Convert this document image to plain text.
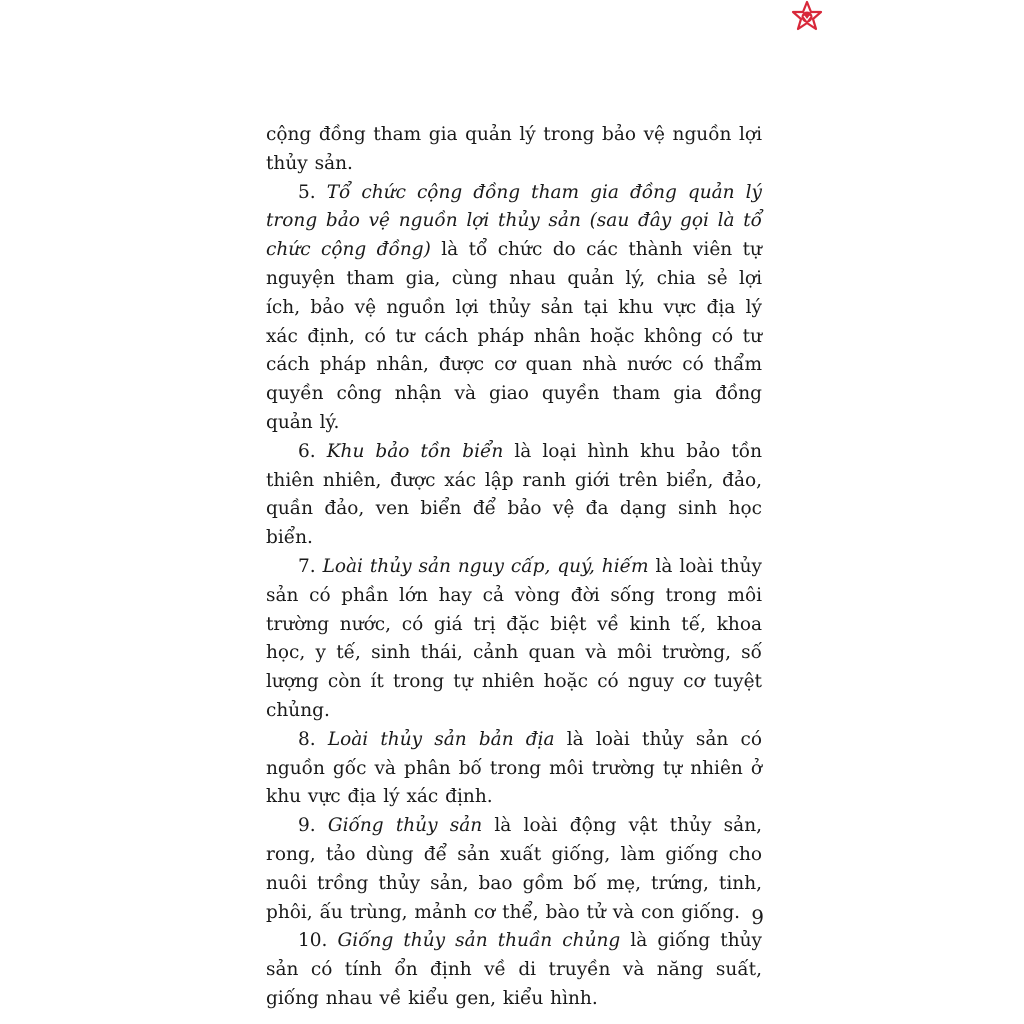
cộng đồng tham gia quản lý trong bảo vệ nguồn lợi thủy sản.

5. Tổ chức cộng đồng tham gia đồng quản lý trong bảo vệ nguồn lợi thủy sản (sau đây gọi là tổ chức cộng đồng) là tổ chức do các thành viên tự nguyện tham gia, cùng nhau quản lý, chia sẻ lợi ích, bảo vệ nguồn lợi thủy sản tại khu vực địa lý xác định, có tư cách pháp nhân hoặc không có tư cách pháp nhân, được cơ quan nhà nước có thẩm quyền công nhận và giao quyền tham gia đồng quản lý.

6. Khu bảo tồn biển là loại hình khu bảo tồn thiên nhiên, được xác lập ranh giới trên biển, đảo, quần đảo, ven biển để bảo vệ đa dạng sinh học biển.

7. Loài thủy sản nguy cấp, quý, hiếm là loài thủy sản có phần lớn hay cả vòng đời sống trong môi trường nước, có giá trị đặc biệt về kinh tế, khoa học, y tế, sinh thái, cảnh quan và môi trường, số lượng còn ít trong tự nhiên hoặc có nguy cơ tuyệt chủng.

8. Loài thủy sản bản địa là loài thủy sản có nguồn gốc và phân bố trong môi trường tự nhiên ở khu vực địa lý xác định.

9. Giống thủy sản là loài động vật thủy sản, rong, tảo dùng để sản xuất giống, làm giống cho nuôi trồng thủy sản, bao gồm bố mẹ, trứng, tinh, phôi, ấu trùng, mảnh cơ thể, bào tử và con giống.

10. Giống thủy sản thuần chủng là giống thủy sản có tính ổn định về di truyền và năng suất, giống nhau về kiểu gen, kiểu hình.

9
